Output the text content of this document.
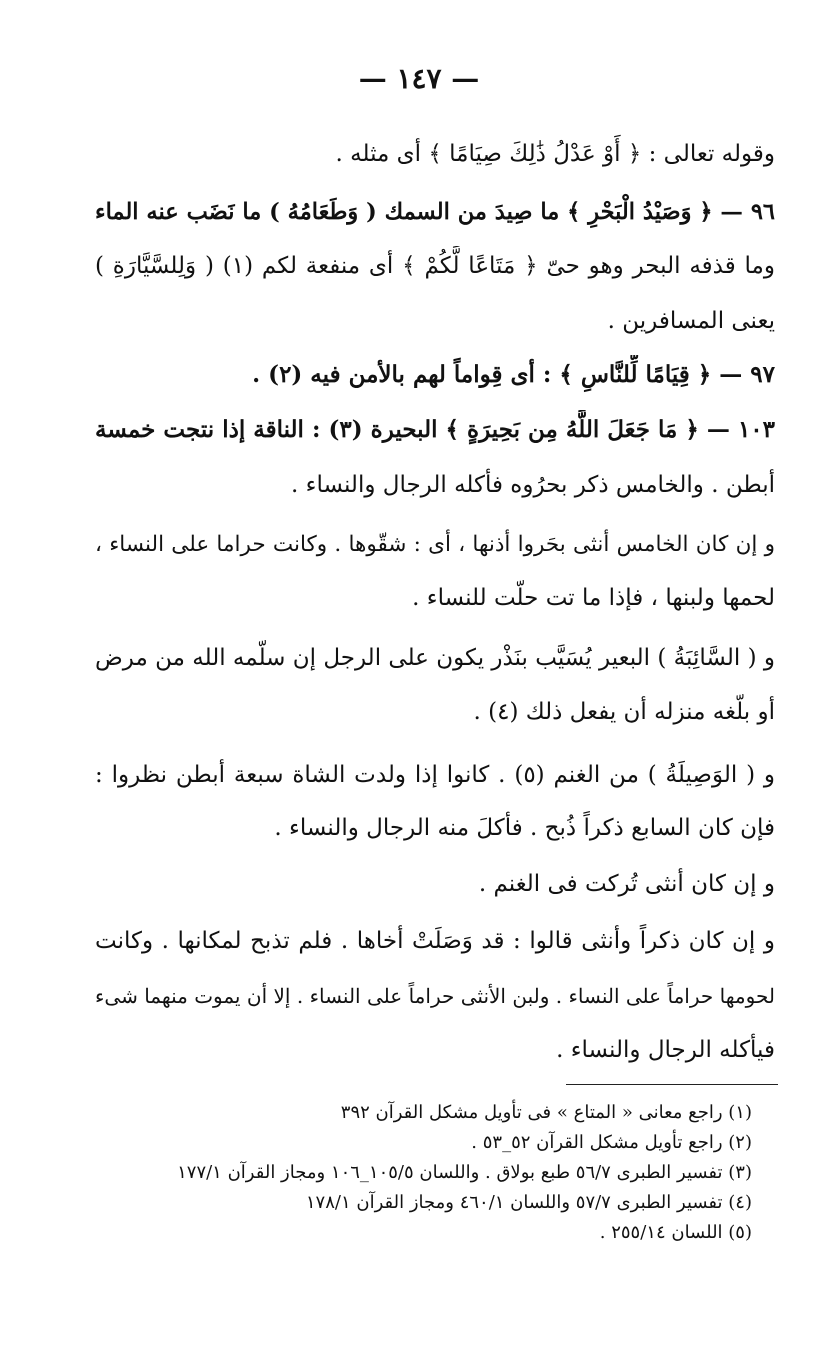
— ١٤٧ —
وقوله تعالى : ﴿ أَوْ عَدْلُ ذَٰلِكَ صِيَامًا ﴾ أى مثله .
٩٦ — ﴿ وَصَيْدُ الْبَحْرِ ﴾ ما صِيدَ من السمك ( وَطَعَامُهُ ) ما نَضَب عنه الماء
وما قذفه البحر وهو حىّ ﴿ مَتَاعًا لَّكُمْ ﴾ أى منفعة لكم (١) ( وَلِلسَّيَّارَةِ )
يعنى المسافرين .
٩٧ — ﴿ قِيَامًا لِّلنَّاسِ ﴾ : أى قِواماً لهم بالأمن فيه (٢) .
١٠٣ — ﴿ مَا جَعَلَ اللَّهُ مِن بَحِيرَةٍ ﴾ البحيرة (٣) : الناقة إذا نتجت خمسة
أبطن . والخامس ذكر بحرُوه فأكله الرجال والنساء .
و إن كان الخامس أنثى بحَروا أذنها ، أى : شقّوها . وكانت حراما على النساء ،
لحمها ولبنها ، فإذا ما تت حلّت للنساء .
و ( السَّائِبَةُ ) البعير يُسَيَّب بنَذْر يكون على الرجل إن سلّمه الله من مرض
أو بلّغه منزله أن يفعل ذلك (٤) .
و ( الوَصِيلَةُ ) من الغنم (٥) . كانوا إذا ولدت الشاة سبعة أبطن نظروا :
فإن كان السابع ذكراً ذُبح . فأكلَ منه الرجال والنساء .
و إن كان أنثى تُركت فى الغنم .
و إن كان ذكراً وأنثى قالوا : قد وَصَلَتْ أخاها . فلم تذبح لمكانها . وكانت
لحومها حراماً على النساء . ولبن الأنثى حراماً على النساء . إلا أن يموت منهما شىء
فيأكله الرجال والنساء .
(١) راجع معانى « المتاع » فى تأويل مشكل القرآن ٣٩٢
(٢) راجع تأويل مشكل القرآن ٥٢_٥٣ .
(٣) تفسير الطبرى ٥٦/٧ طبع بولاق . واللسان ١٠٥/٥_١٠٦ ومجاز القرآن ١٧٧/١
(٤) تفسير الطبرى ٥٧/٧ واللسان ٤٦٠/١ ومجاز القرآن ١٧٨/١
(٥) اللسان ٢٥٥/١٤ .
